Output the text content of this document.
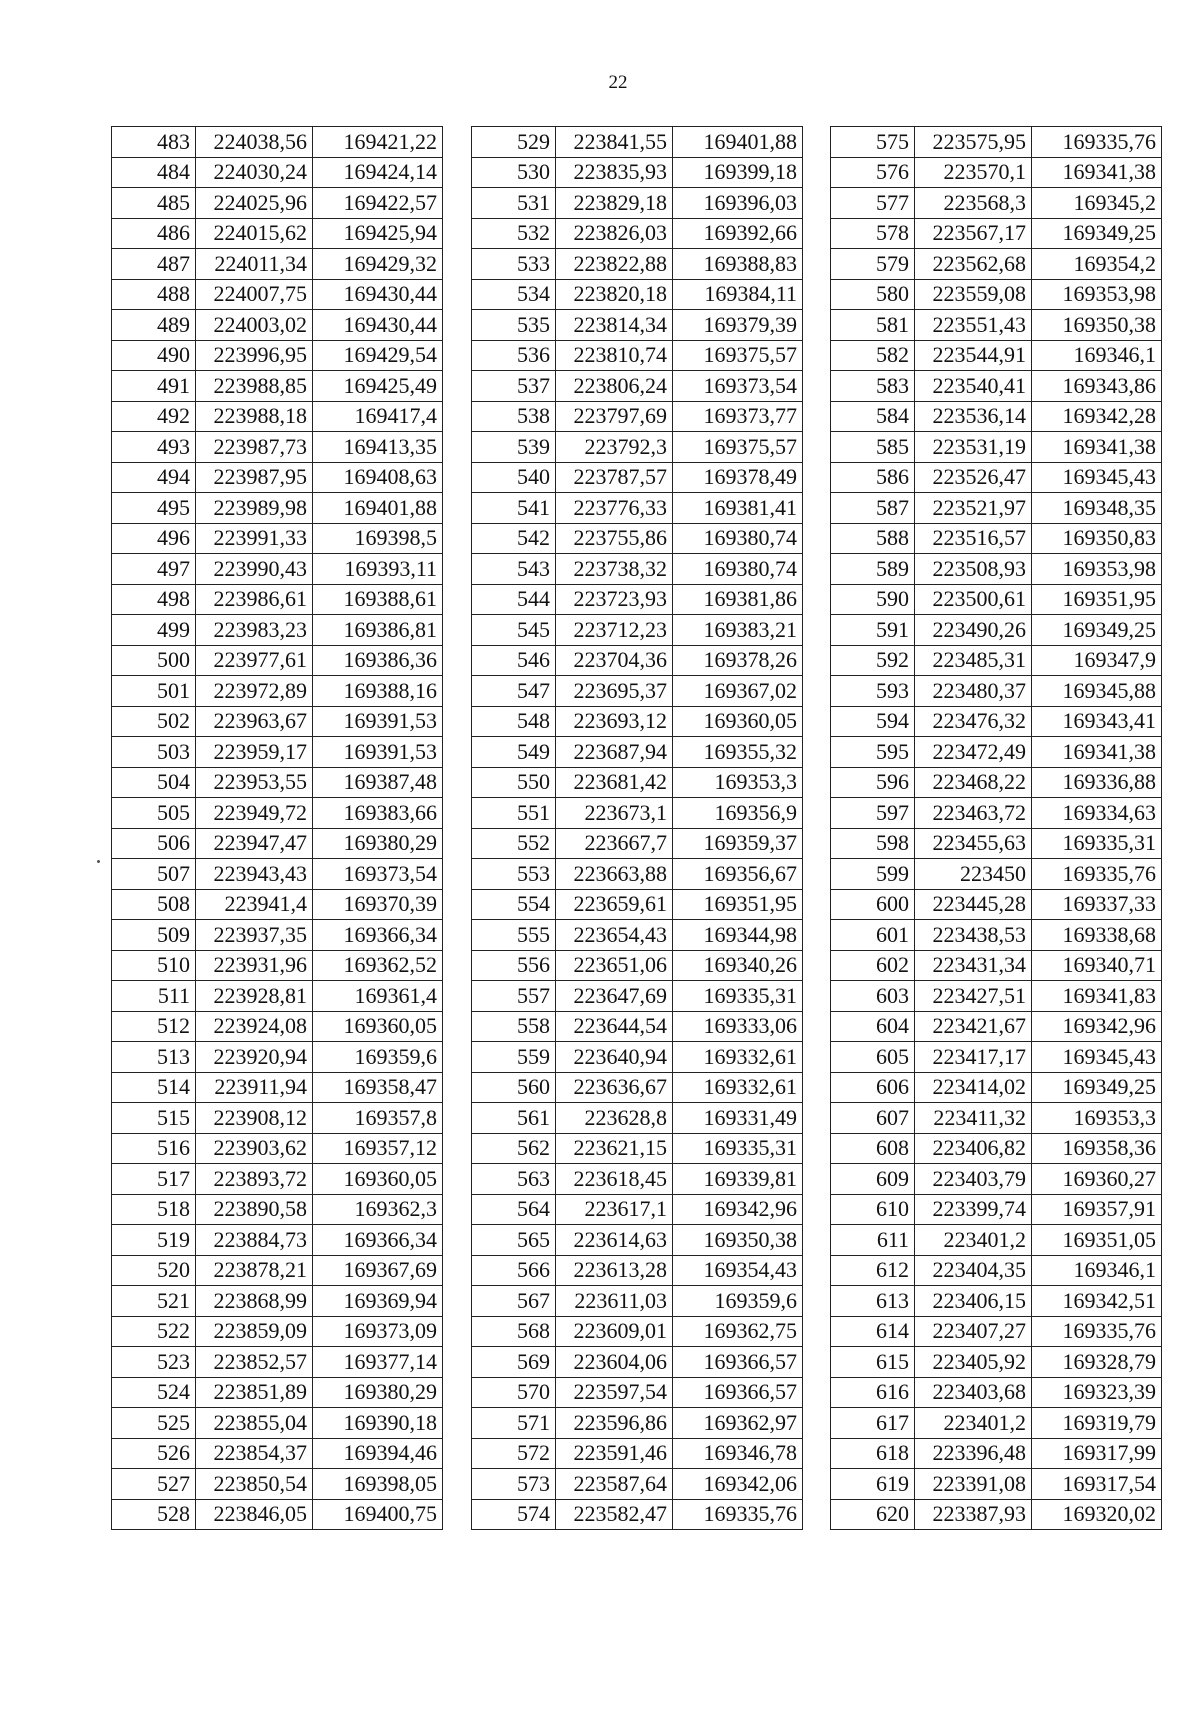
22
483	224038,56	169421,22
484	224030,24	169424,14
485	224025,96	169422,57
486	224015,62	169425,94
487	224011,34	169429,32
488	224007,75	169430,44
489	224003,02	169430,44
490	223996,95	169429,54
491	223988,85	169425,49
492	223988,18	169417,4
493	223987,73	169413,35
494	223987,95	169408,63
495	223989,98	169401,88
496	223991,33	169398,5
497	223990,43	169393,11
498	223986,61	169388,61
499	223983,23	169386,81
500	223977,61	169386,36
501	223972,89	169388,16
502	223963,67	169391,53
503	223959,17	169391,53
504	223953,55	169387,48
505	223949,72	169383,66
506	223947,47	169380,29
507	223943,43	169373,54
508	223941,4	169370,39
509	223937,35	169366,34
510	223931,96	169362,52
511	223928,81	169361,4
512	223924,08	169360,05
513	223920,94	169359,6
514	223911,94	169358,47
515	223908,12	169357,8
516	223903,62	169357,12
517	223893,72	169360,05
518	223890,58	169362,3
519	223884,73	169366,34
520	223878,21	169367,69
521	223868,99	169369,94
522	223859,09	169373,09
523	223852,57	169377,14
524	223851,89	169380,29
525	223855,04	169390,18
526	223854,37	169394,46
527	223850,54	169398,05
528	223846,05	169400,75
529	223841,55	169401,88
530	223835,93	169399,18
531	223829,18	169396,03
532	223826,03	169392,66
533	223822,88	169388,83
534	223820,18	169384,11
535	223814,34	169379,39
536	223810,74	169375,57
537	223806,24	169373,54
538	223797,69	169373,77
539	223792,3	169375,57
540	223787,57	169378,49
541	223776,33	169381,41
542	223755,86	169380,74
543	223738,32	169380,74
544	223723,93	169381,86
545	223712,23	169383,21
546	223704,36	169378,26
547	223695,37	169367,02
548	223693,12	169360,05
549	223687,94	169355,32
550	223681,42	169353,3
551	223673,1	169356,9
552	223667,7	169359,37
553	223663,88	169356,67
554	223659,61	169351,95
555	223654,43	169344,98
556	223651,06	169340,26
557	223647,69	169335,31
558	223644,54	169333,06
559	223640,94	169332,61
560	223636,67	169332,61
561	223628,8	169331,49
562	223621,15	169335,31
563	223618,45	169339,81
564	223617,1	169342,96
565	223614,63	169350,38
566	223613,28	169354,43
567	223611,03	169359,6
568	223609,01	169362,75
569	223604,06	169366,57
570	223597,54	169366,57
571	223596,86	169362,97
572	223591,46	169346,78
573	223587,64	169342,06
574	223582,47	169335,76
575	223575,95	169335,76
576	223570,1	169341,38
577	223568,3	169345,2
578	223567,17	169349,25
579	223562,68	169354,2
580	223559,08	169353,98
581	223551,43	169350,38
582	223544,91	169346,1
583	223540,41	169343,86
584	223536,14	169342,28
585	223531,19	169341,38
586	223526,47	169345,43
587	223521,97	169348,35
588	223516,57	169350,83
589	223508,93	169353,98
590	223500,61	169351,95
591	223490,26	169349,25
592	223485,31	169347,9
593	223480,37	169345,88
594	223476,32	169343,41
595	223472,49	169341,38
596	223468,22	169336,88
597	223463,72	169334,63
598	223455,63	169335,31
599	223450	169335,76
600	223445,28	169337,33
601	223438,53	169338,68
602	223431,34	169340,71
603	223427,51	169341,83
604	223421,67	169342,96
605	223417,17	169345,43
606	223414,02	169349,25
607	223411,32	169353,3
608	223406,82	169358,36
609	223403,79	169360,27
610	223399,74	169357,91
611	223401,2	169351,05
612	223404,35	169346,1
613	223406,15	169342,51
614	223407,27	169335,76
615	223405,92	169328,79
616	223403,68	169323,39
617	223401,2	169319,79
618	223396,48	169317,99
619	223391,08	169317,54
620	223387,93	169320,02
